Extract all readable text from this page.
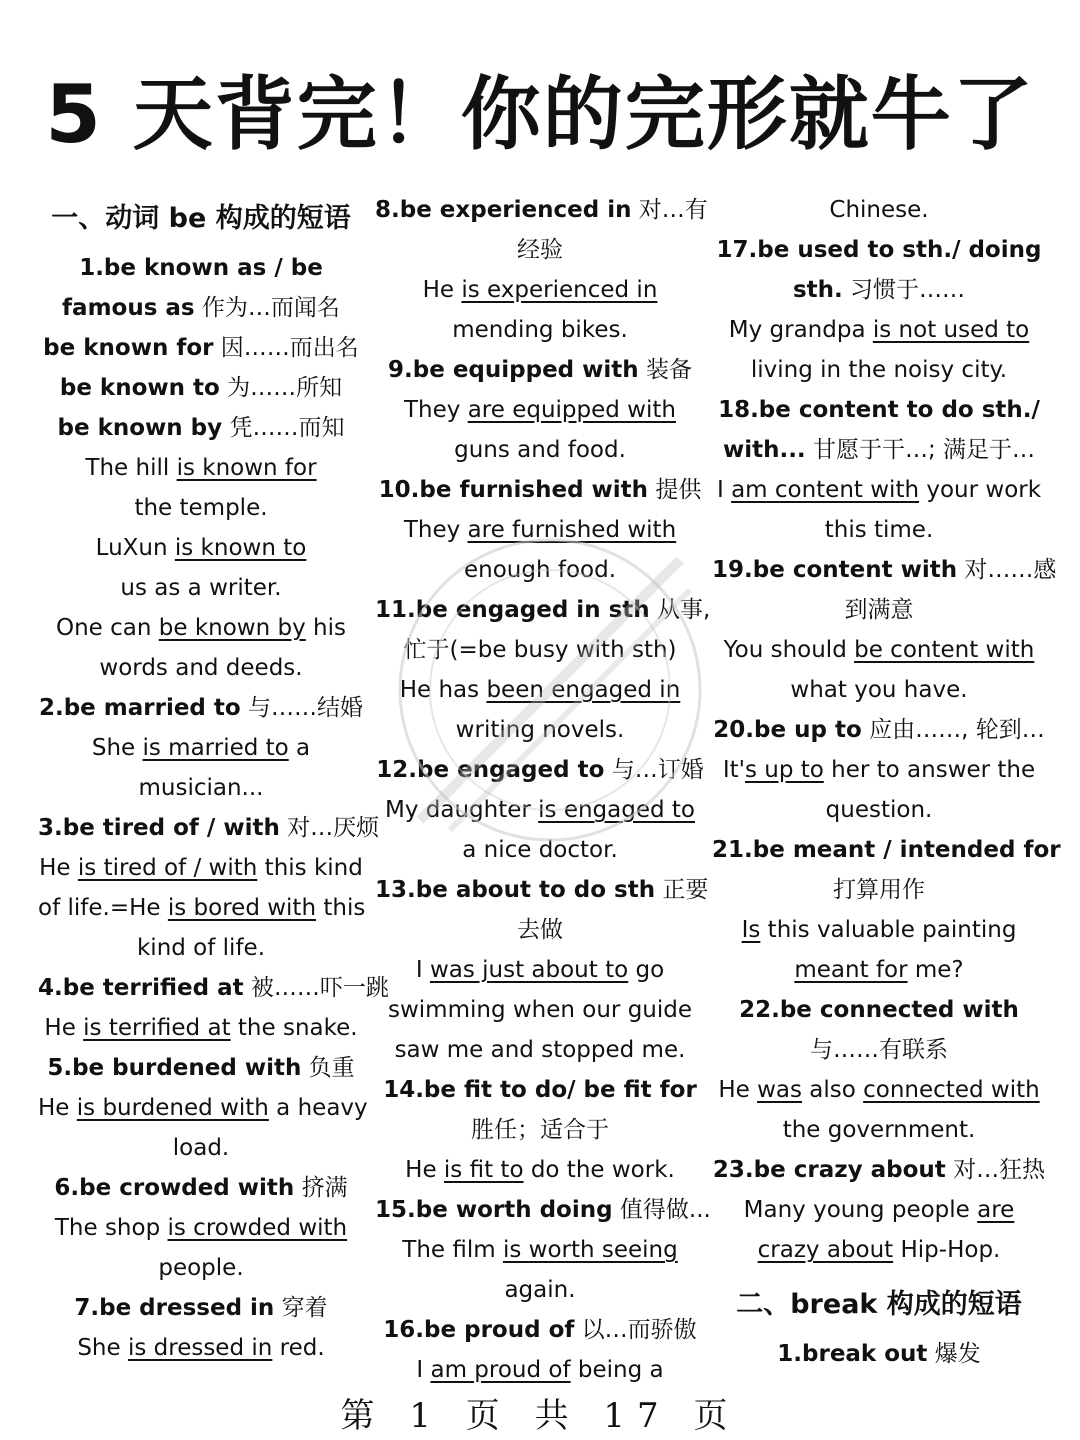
5 天背完！你的完形就牛了
一、动词 be 构成的短语
1.be known as / be
famous as 作为…而闻名
be known for 因……而出名
be known to 为……所知
be known by 凭……而知
The hill is known for
the temple.
LuXun is known to
us as a writer.
One can be known by his
words and deeds.
2.be married to 与……结婚
She is married to a
musician...
3.be tired of / with 对…厌烦
He is tired of / with this kind
of life.=He is bored with this
kind of life.
4.be terrified at 被……吓一跳
He is terrified at the snake.
5.be burdened with 负重
He is burdened with a heavy
load.
6.be crowded with 挤满
The shop is crowded with
people.
7.be dressed in 穿着
She is dressed in red.
8.be experienced in 对…有
经验
He is experienced in
mending bikes.
9.be equipped with 装备
They are equipped with
guns and food.
10.be furnished with 提供
They are furnished with
enough food.
11.be engaged in sth 从事,
忙于(=be busy with sth)
He has been engaged in
writing novels.
12.be engaged to 与…订婚
My daughter is engaged to
a nice doctor.
13.be about to do sth 正要
去做
I was just about to go
swimming when our guide
saw me and stopped me.
14.be fit to do/ be fit for
胜任；适合于
He is fit to do the work.
15.be worth doing 值得做...
The film is worth seeing
again.
16.be proud of 以…而骄傲
I am proud of being a
Chinese.
17.be used to sth./ doing
sth. 习惯于……
My grandpa is not used to
living in the noisy city.
18.be content to do sth./
with... 甘愿于干…; 满足于…
I am content with your work
this time.
19.be content with 对……感
到满意
You should be content with
what you have.
20.be up to 应由……, 轮到…
It's up to her to answer the
question.
21.be meant / intended for
打算用作
Is this valuable painting
meant for me?
22.be connected with
与……有联系
He was also connected with
the government.
23.be crazy about 对…狂热
Many young people are
crazy about Hip-Hop.
二、break 构成的短语
1.break out 爆发
第 1 页 共 17 页
